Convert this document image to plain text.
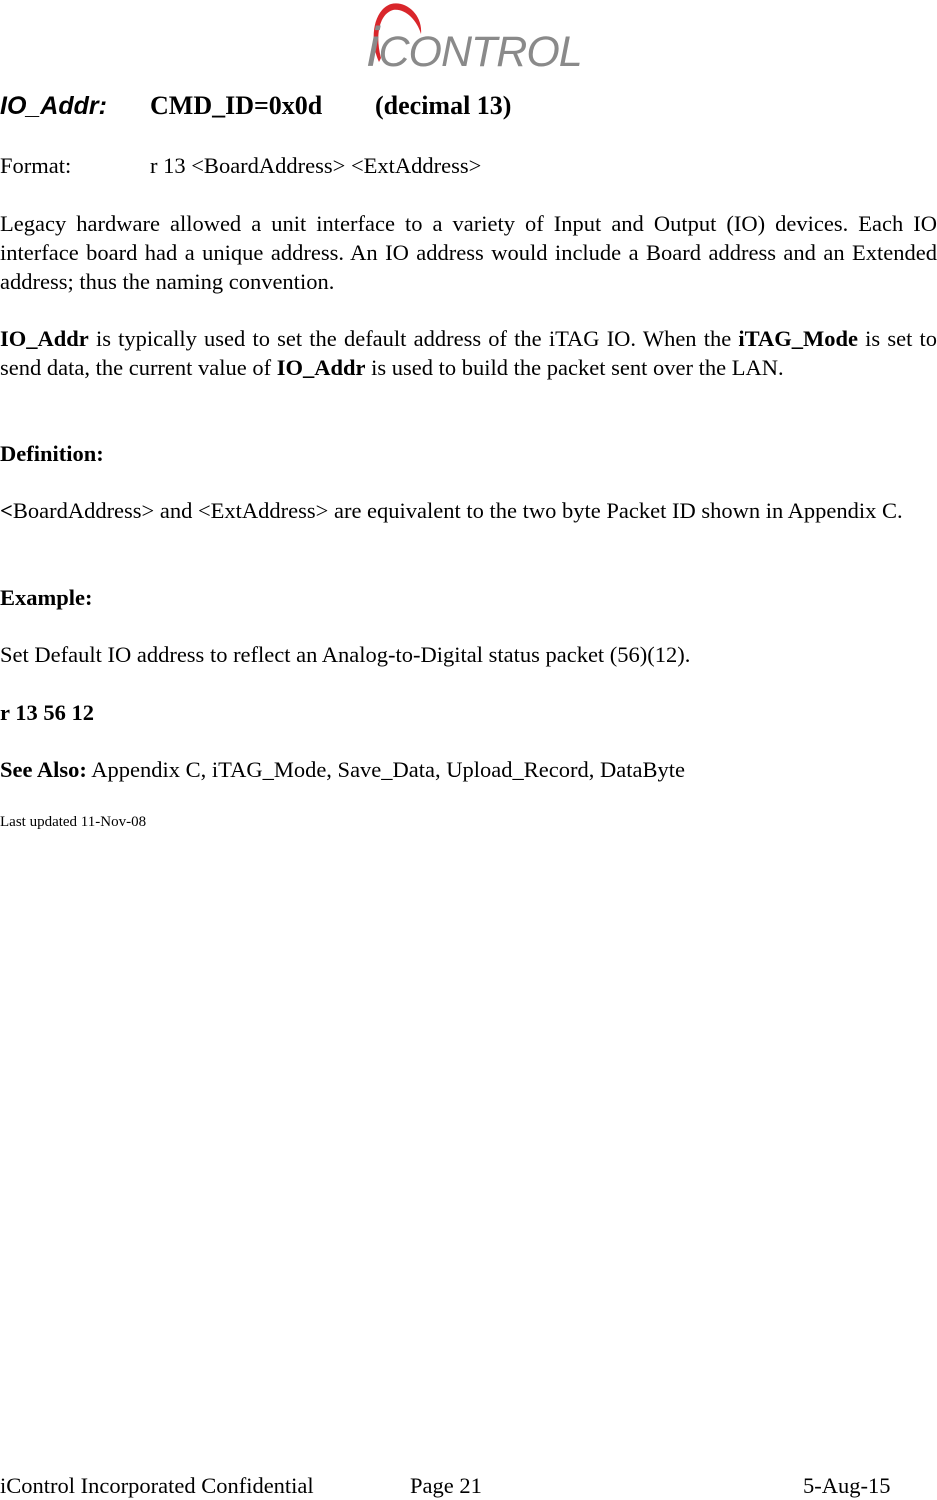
iCONTROL
IO_Addr: CMD_ID=0x0d (decimal 13)
Format:	r 13 <BoardAddress> <ExtAddress>
Legacy hardware allowed a unit interface to a variety of Input and Output (IO) devices. Each IO interface board had a unique address. An IO address would include a Board address and an Extended address; thus the naming convention.
IO_Addr is typically used to set the default address of the iTAG IO. When the iTAG_Mode is set to send data, the current value of IO_Addr is used to build the packet sent over the LAN.
Definition:
<BoardAddress> and <ExtAddress> are equivalent to the two byte Packet ID shown in Appendix C.
Example:
Set Default IO address to reflect an Analog-to-Digital status packet (56)(12).
r 13 56 12
See Also: Appendix C, iTAG_Mode, Save_Data, Upload_Record, DataByte
Last updated 11-Nov-08
iControl Incorporated Confidential	Page 21	5-Aug-15
